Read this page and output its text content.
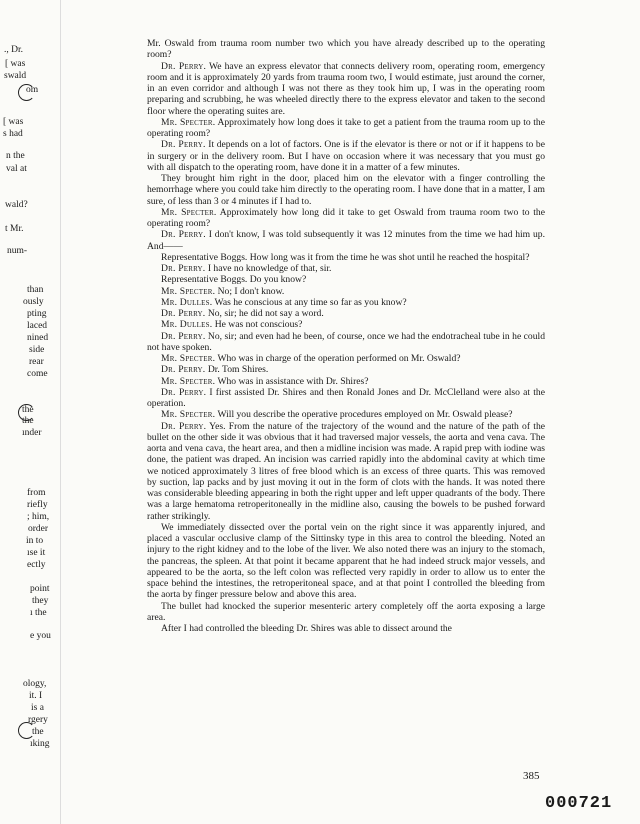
., Dr.
[ was
swald
om
[ was
s had
n the
val at
wald?
t Mr.
num-
than
ously
pting
laced
nined
side
rear
come
the
the
ınder
from
riefly
; him,
order
in to
ıse it
ectly
point
they
ı the
e you
ology,
it. I
is a
rgery
the
ıking

Mr. Oswald from trauma room number two which you have already described up to the operating room?

Dr. Perry. We have an express elevator that connects delivery room, operating room, emergency room and it is approximately 20 yards from trauma room two, I would estimate, just around the corner, in an even corridor and although I was not there as they took him up, I was in the operating room preparing and scrubbing, he was wheeled directly there to the express elevator and taken to the second floor where the operating suites are.

Mr. Specter. Approximately how long does it take to get a patient from the trauma room up to the operating room?

Dr. Perry. It depends on a lot of factors. One is if the elevator is there or not or if it happens to be in surgery or in the delivery room. But I have on occasion where it was necessary that you must go with all dispatch to the operating room, have done it in a matter of a few minutes.

They brought him right in the door, placed him on the elevator with a finger controlling the hemorrhage where you could take him directly to the operating room. I have done that in a matter, I am sure, of less than 3 or 4 minutes if I had to.

Mr. Specter. Approximately how long did it take to get Oswald from trauma room two to the operating room?

Dr. Perry. I don't know, I was told subsequently it was 12 minutes from the time we had him up. And——

Representative Boggs. How long was it from the time he was shot until he reached the hospital?

Dr. Perry. I have no knowledge of that, sir.

Representative Boggs. Do you know?

Mr. Specter. No; I don't know.

Mr. Dulles. Was he conscious at any time so far as you know?

Dr. Perry. No, sir; he did not say a word.

Mr. Dulles. He was not conscious?

Dr. Perry. No, sir; and even had he been, of course, once we had the endotracheal tube in he could not have spoken.

Mr. Specter. Who was in charge of the operation performed on Mr. Oswald?

Dr. Perry. Dr. Tom Shires.

Mr. Specter. Who was in assistance with Dr. Shires?

Dr. Perry. I first assisted Dr. Shires and then Ronald Jones and Dr. McClelland were also at the operation.

Mr. Specter. Will you describe the operative procedures employed on Mr. Oswald please?

Dr. Perry. Yes. From the nature of the trajectory of the wound and the nature of the path of the bullet on the other side it was obvious that it had traversed major vessels, the aorta and vena cava. The aorta and vena cava, the heart area, and then a midline incision was made. A rapid prep with iodine was done, the patient was draped. An incision was carried rapidly into the abdominal cavity at which time we noticed approximately 3 litres of free blood which is an excess of three quarts. This was removed by suction, lap packs and by just moving it out in the form of clots with the hands. It was noted there was considerable bleeding appearing in both the right upper and left upper quadrants of the body. There was a large hematoma retroperitoneally in the midline also, causing the bowels to be pushed forward rather strikingly.

We immediately dissected over the portal vein on the right since it was apparently injured, and placed a vascular occlusive clamp of the Sittinsky type in this area to control the bleeding. Noted an injury to the right kidney and to the lobe of the liver. We also noted there was an injury to the stomach, the pancreas, the spleen. At that point it became apparent that he had indeed struck major vessels, and appeared to be the aorta, so the left colon was reflected very rapidly in order to allow us to enter the space behind the intestines, the retroperitoneal space, and at that point I controlled the bleeding from the aorta by finger pressure below and above this area.

The bullet had knocked the superior mesenteric artery completely off the aorta exposing a large area.

After I had controlled the bleeding Dr. Shires was able to dissect around the

385
000721
